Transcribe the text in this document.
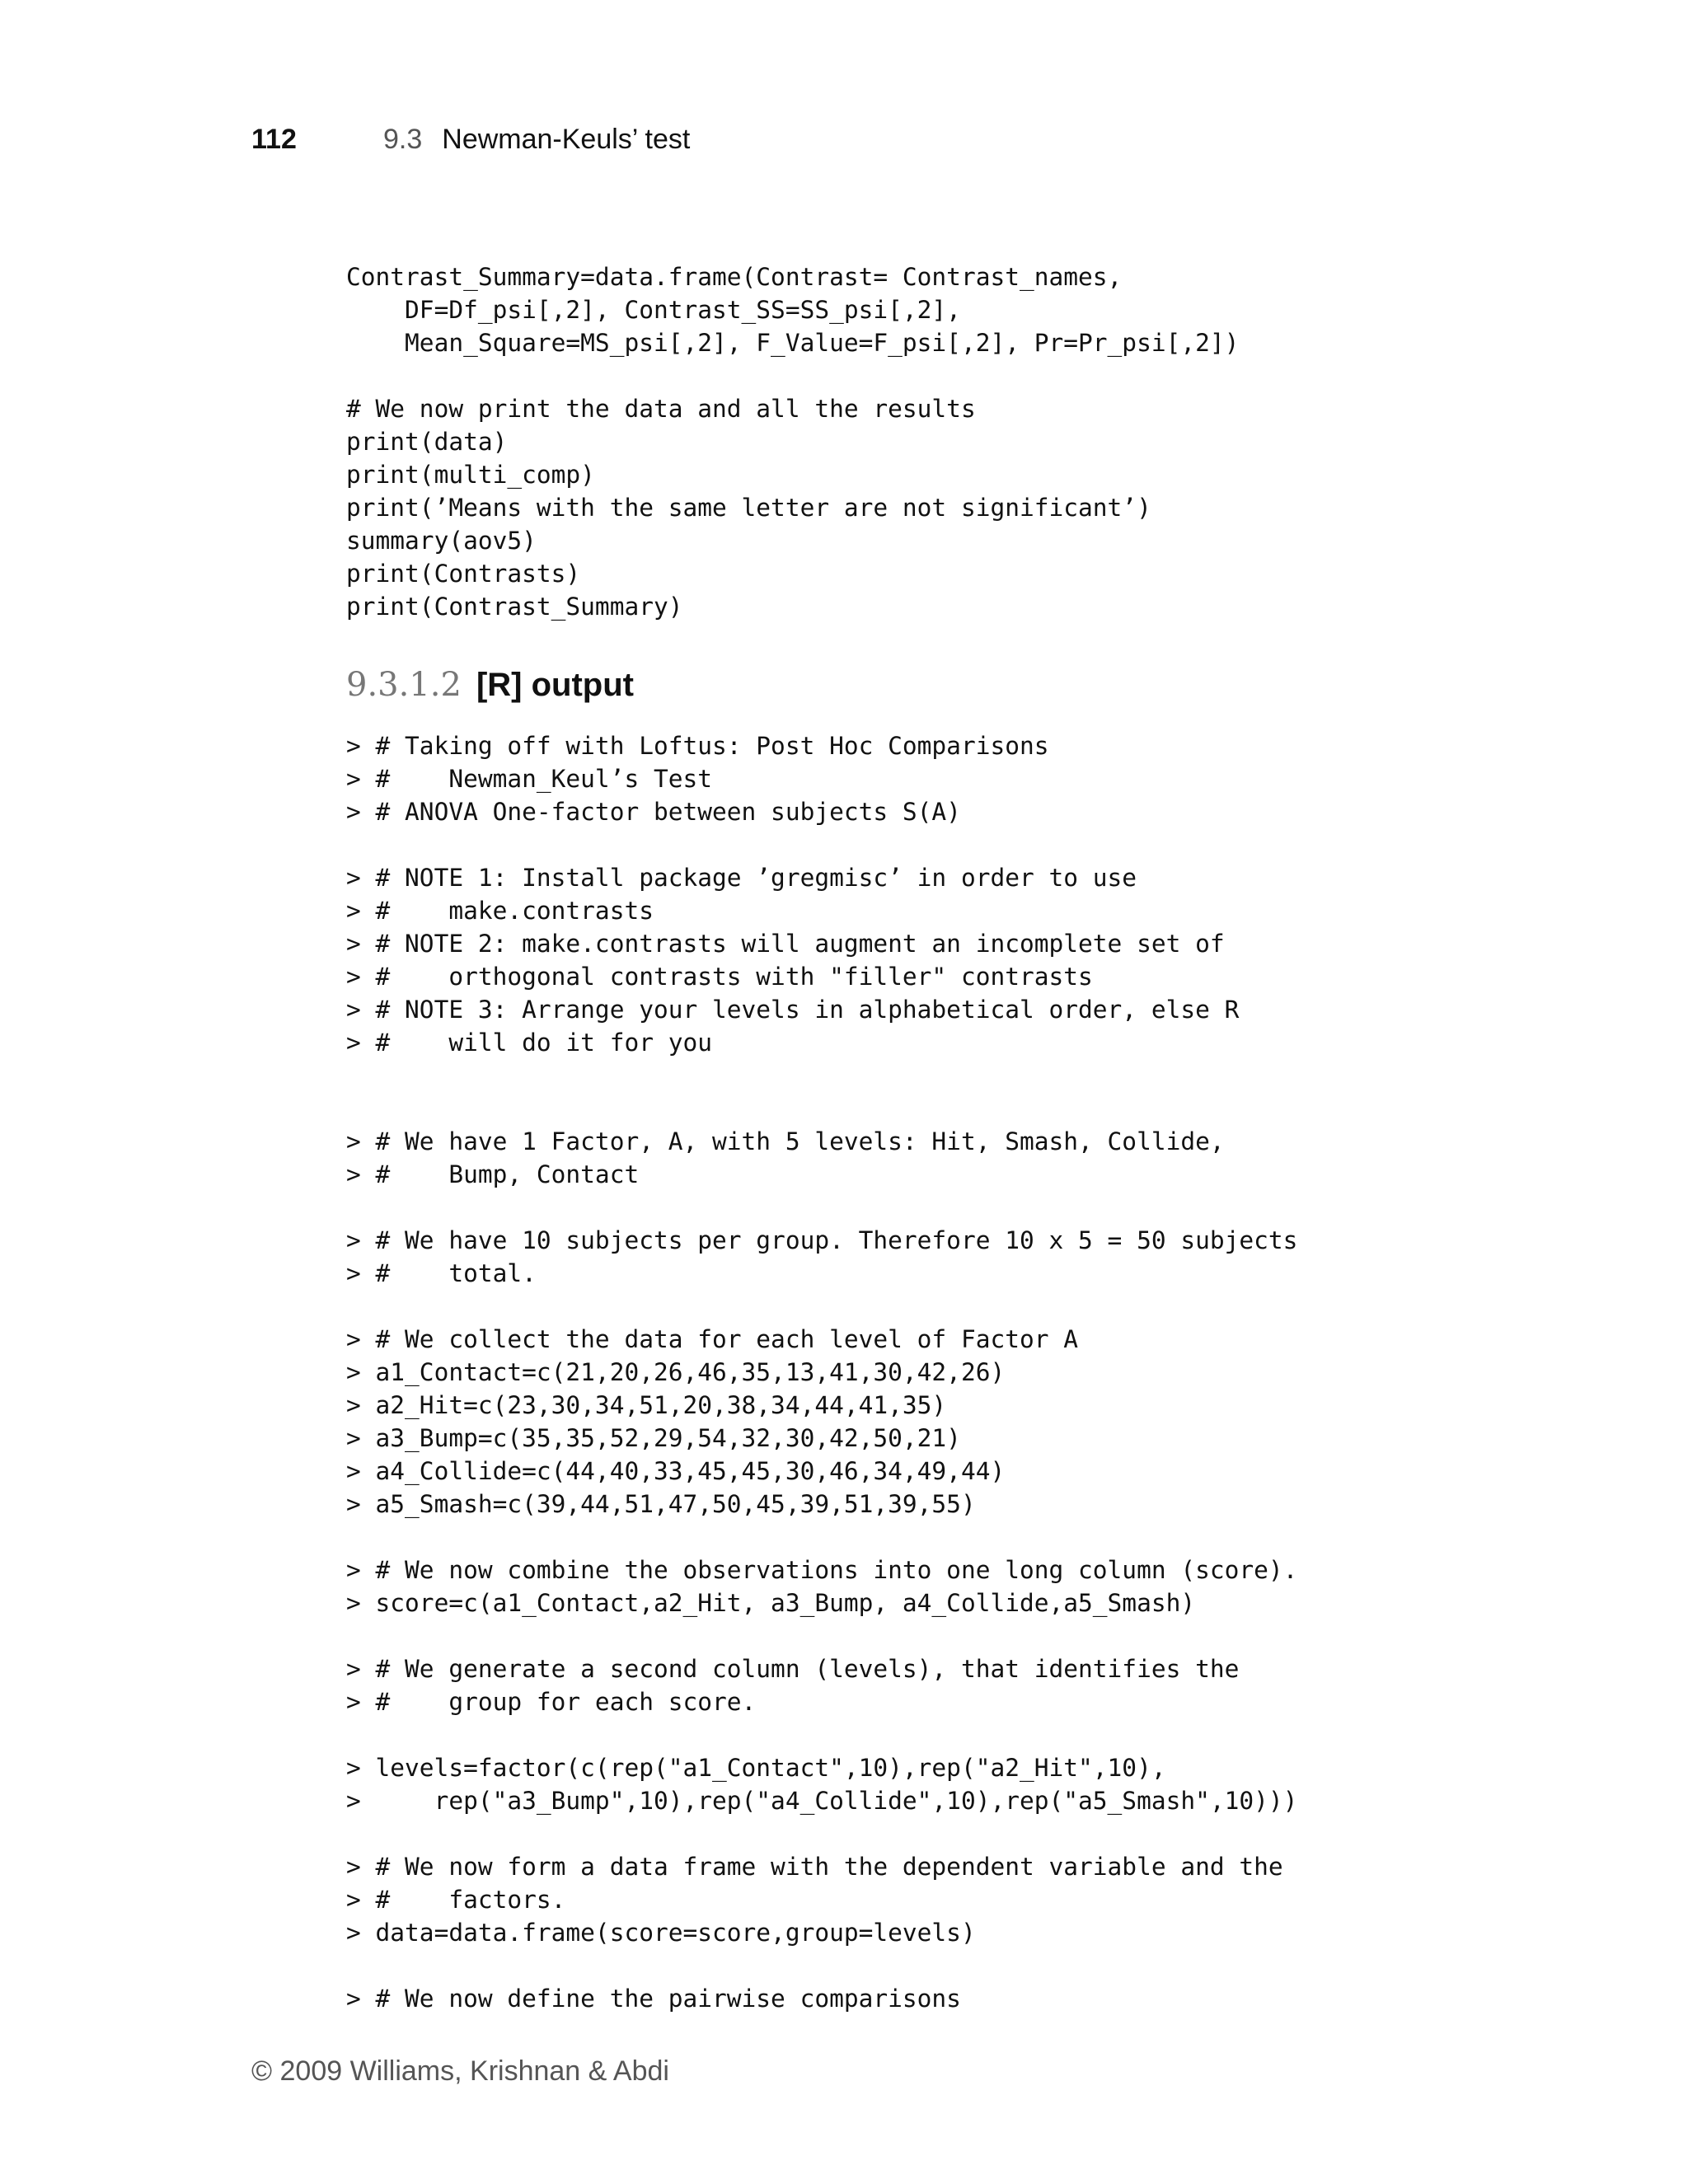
112	9.3 Newman-Keuls’ test
Contrast_Summary=data.frame(Contrast= Contrast_names,
DF=Df_psi[,2], Contrast_SS=SS_psi[,2],
Mean_Square=MS_psi[,2], F_Value=F_psi[,2], Pr=Pr_psi[,2])

# We now print the data and all the results
print(data)
print(multi_comp)
print(’Means with the same letter are not significant’)
summary(aov5)
print(Contrasts)
print(Contrast_Summary)
9.3.1.2 [R] output
> # Taking off with Loftus: Post Hoc Comparisons
> #    Newman_Keul’s Test
> # ANOVA One-factor between subjects S(A)

> # NOTE 1: Install package ’gregmisc’ in order to use
> #    make.contrasts
> # NOTE 2: make.contrasts will augment an incomplete set of
> #    orthogonal contrasts with "filler" contrasts
> # NOTE 3: Arrange your levels in alphabetical order, else R
> #    will do it for you

> # We have 1 Factor, A, with 5 levels: Hit, Smash, Collide,
> #    Bump, Contact

> # We have 10 subjects per group. Therefore 10 x 5 = 50 subjects
> #    total.

> # We collect the data for each level of Factor A
> a1_Contact=c(21,20,26,46,35,13,41,30,42,26)
> a2_Hit=c(23,30,34,51,20,38,34,44,41,35)
> a3_Bump=c(35,35,52,29,54,32,30,42,50,21)
> a4_Collide=c(44,40,33,45,45,30,46,34,49,44)
> a5_Smash=c(39,44,51,47,50,45,39,51,39,55)

> # We now combine the observations into one long column (score).
> score=c(a1_Contact,a2_Hit, a3_Bump, a4_Collide,a5_Smash)

> # We generate a second column (levels), that identifies the
> #    group for each score.

> levels=factor(c(rep("a1_Contact",10),rep("a2_Hit",10),
>     rep("a3_Bump",10),rep("a4_Collide",10),rep("a5_Smash",10)))

> # We now form a data frame with the dependent variable and the
> #    factors.
> data=data.frame(score=score,group=levels)

> # We now define the pairwise comparisons
© 2009 Williams, Krishnan & Abdi
